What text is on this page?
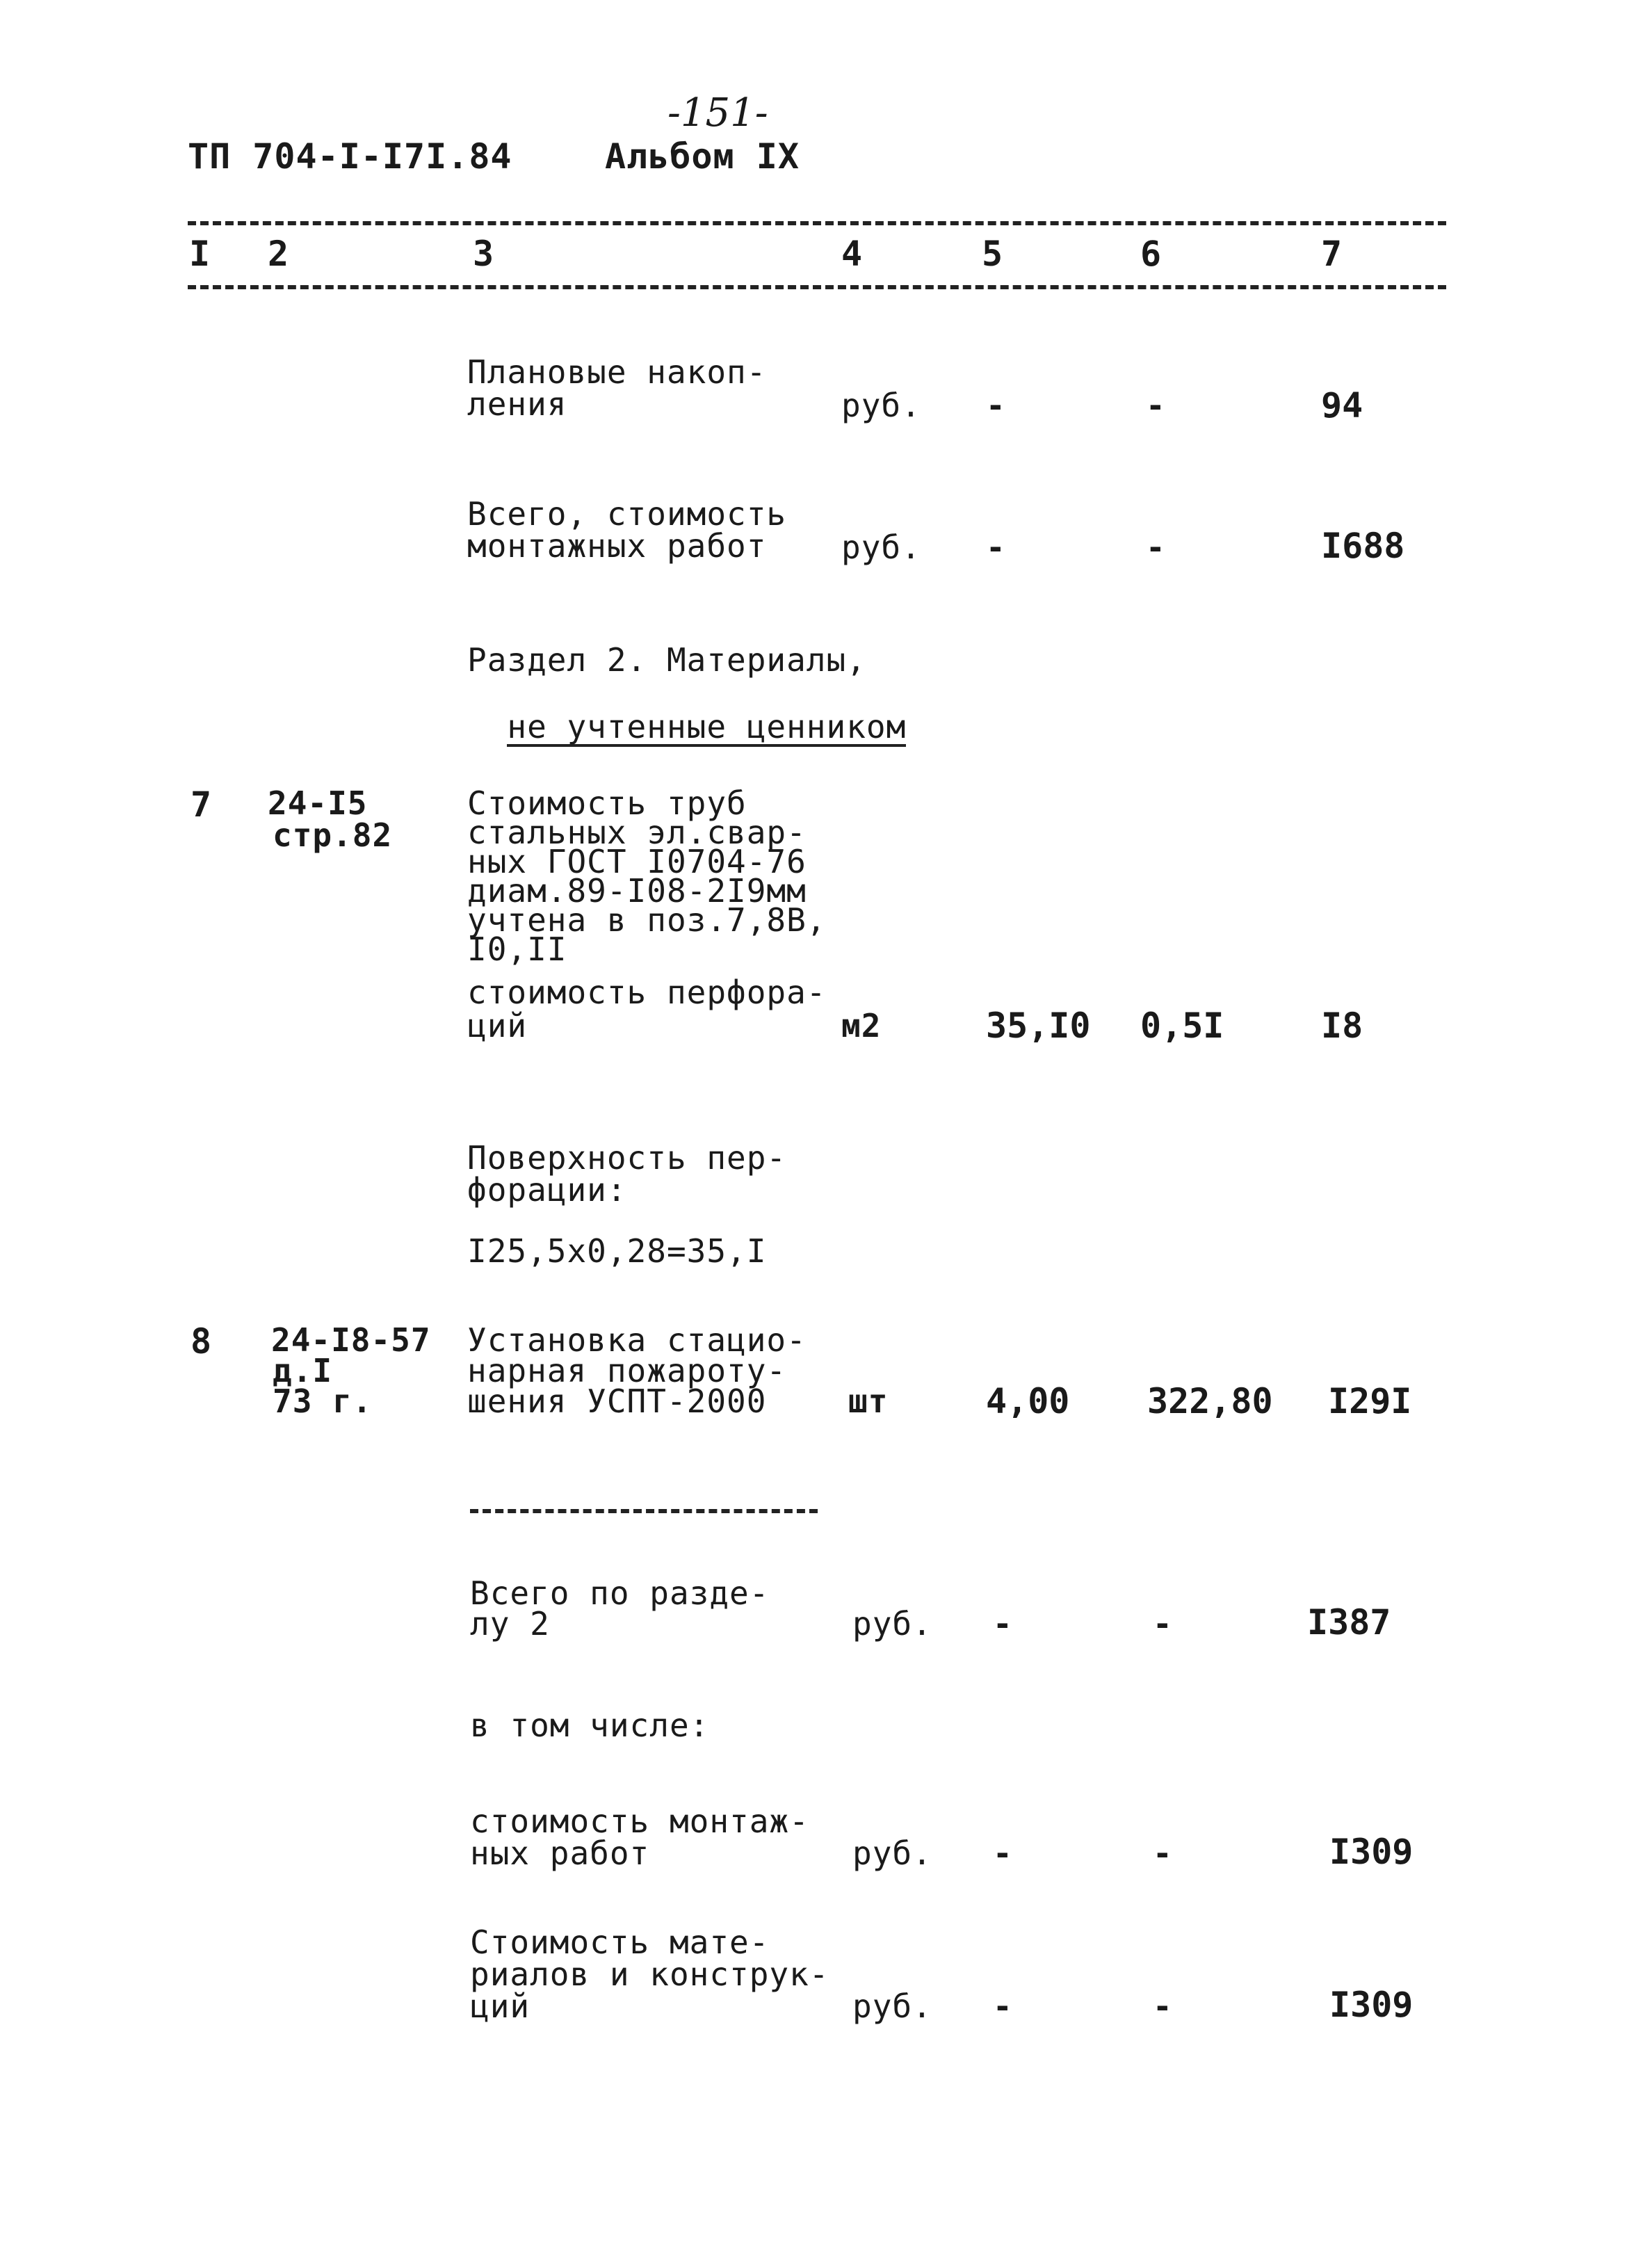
-151-
ТП 704-I-I7I.84	Альбом IX
I 2	3	4	5	6	7
Плановые накоп-
ления	руб. -	-	94
Всего, стоимость
монтажных работ руб. -	-	I688
Раздел 2. Материалы,

не учтенные ценником

7 24-I5
стр.82
Стоимость труб
стальных эл.свар-
ных ГОСТ I0704-76
диам.89-I08-2I9мм
учтена в поз.7,8В,
I0,II
стоимость перфора-
ций	м2	35,I0 0,5I	I8
Поверхность пер-
форации:
I25,5х0,28=35,I
8 24-I8-57
д.I
73 г.
Установка стацио-
нарная пожароту-
шения УСПТ-2000	шт	4,00 322,80 I29I
Всего по разде-
лу 2	руб. -	-	I387
в том числе:
стоимость монтаж-
ных работ	руб. -	-	I309
Стоимость мате-
риалов и конструк-
ций	руб. -	-	I309
